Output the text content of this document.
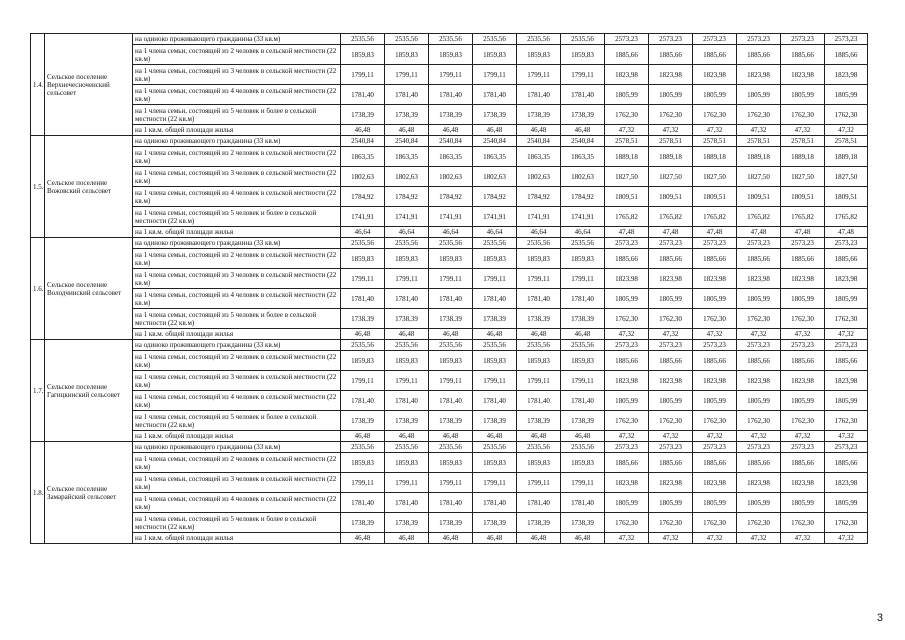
1.4.	Сельское поселение Верхнечесноченский сельсовет	на одиноко проживающего гражданина (33 кв.м)	2535,56	2535,56	2535,56	2535,56	2535,56	2535,56	2573,23	2573,23	2573,23	2573,23	2573,23	2573,23
		на 1 члена семьи, состоящей из 2 человек в сельской местности (22 кв.м)	1859,83	1859,83	1859,83	1859,83	1859,83	1859,83	1885,66	1885,66	1885,66	1885,66	1885,66	1885,66
		на 1 члена семьи, состоящей из 3 человек в сельской местности (22 кв.м)	1799,11	1799,11	1799,11	1799,11	1799,11	1799,11	1823,98	1823,98	1823,98	1823,98	1823,98	1823,98
		на 1 члена семьи, состоящей из 4 человек в сельской местности (22 кв.м)	1781,40	1781,40	1781,40	1781,40	1781,40	1781,40	1805,99	1805,99	1805,99	1805,99	1805,99	1805,99
		на 1 члена семьи, состоящей из 5 человек и более в сельской местности (22 кв.м)	1738,39	1738,39	1738,39	1738,39	1738,39	1738,39	1762,30	1762,30	1762,30	1762,30	1762,30	1762,30
		на 1 кв.м. общей площади жилья	46,48	46,48	46,48	46,48	46,48	46,48	47,32	47,32	47,32	47,32	47,32	47,32
1.5.	Сельское поселение Вожовский сельсовет	на одиноко проживающего гражданина (33 кв.м)	2540,84	2540,84	2540,84	2540,84	2540,84	2540,84	2578,51	2578,51	2578,51	2578,51	2578,51	2578,51
		на 1 члена семьи, состоящей из 2 человек в сельской местности (22 кв.м)	1863,35	1863,35	1863,35	1863,35	1863,35	1863,35	1889,18	1889,18	1889,18	1889,18	1889,18	1889,18
		на 1 члена семьи, состоящей из 3 человек в сельской местности (22 кв.м)	1802,63	1802,63	1802,63	1802,63	1802,63	1802,63	1827,50	1827,50	1827,50	1827,50	1827,50	1827,50
		на 1 члена семьи, состоящей из 4 человек в сельской местности (22 кв.м)	1784,92	1784,92	1784,92	1784,92	1784,92	1784,92	1809,51	1809,51	1809,51	1809,51	1809,51	1809,51
		на 1 члена семьи, состоящей из 5 человек и более в сельской местности (22 кв.м)	1741,91	1741,91	1741,91	1741,91	1741,91	1741,91	1765,82	1765,82	1765,82	1765,82	1765,82	1765,82
		на 1 кв.м. общей площади жилья	46,64	46,64	46,64	46,64	46,64	46,64	47,48	47,48	47,48	47,48	47,48	47,48
1.6.	Сельское поселение Володчинский сельсовет	на одиноко проживающего гражданина (33 кв.м)	2535,56	2535,56	2535,56	2535,56	2535,56	2535,56	2573,23	2573,23	2573,23	2573,23	2573,23	2573,23
		на 1 члена семьи, состоящей из 2 человек в сельской местности (22 кв.м)	1859,83	1859,83	1859,83	1859,83	1859,83	1859,83	1885,66	1885,66	1885,66	1885,66	1885,66	1885,66
		на 1 члена семьи, состоящей из 3 человек в сельской местности (22 кв.м)	1799,11	1799,11	1799,11	1799,11	1799,11	1799,11	1823,98	1823,98	1823,98	1823,98	1823,98	1823,98
		на 1 члена семьи, состоящей из 4 человек в сельской местности (22 кв.м)	1781,40	1781,40	1781,40	1781,40	1781,40	1781,40	1805,99	1805,99	1805,99	1805,99	1805,99	1805,99
		на 1 члена семьи, состоящей из 5 человек и более в сельской местности (22 кв.м)	1738,39	1738,39	1738,39	1738,39	1738,39	1738,39	1762,30	1762,30	1762,30	1762,30	1762,30	1762,30
		на 1 кв.м. общей площади жилья	46,48	46,48	46,48	46,48	46,48	46,48	47,32	47,32	47,32	47,32	47,32	47,32
1.7.	Сельское поселение Гагицкинский сельсовет	на одиноко проживающего гражданина (33 кв.м)	2535,56	2535,56	2535,56	2535,56	2535,56	2535,56	2573,23	2573,23	2573,23	2573,23	2573,23	2573,23
		на 1 члена семьи, состоящей из 2 человек в сельской местности (22 кв.м)	1859,83	1859,83	1859,83	1859,83	1859,83	1859,83	1885,66	1885,66	1885,66	1885,66	1885,66	1885,66
		на 1 члена семьи, состоящей из 3 человек в сельской местности (22 кв.м)	1799,11	1799,11	1799,11	1799,11	1799,11	1799,11	1823,98	1823,98	1823,98	1823,98	1823,98	1823,98
		на 1 члена семьи, состоящей из 4 человек в сельской местности (22 кв.м)	1781,40	1781,40	1781,40	1781,40	1781,40	1781,40	1805,99	1805,99	1805,99	1805,99	1805,99	1805,99
		на 1 члена семьи, состоящей из 5 человек и более в сельской местности (22 кв.м)	1738,39	1738,39	1738,39	1738,39	1738,39	1738,39	1762,30	1762,30	1762,30	1762,30	1762,30	1762,30
		на 1 кв.м. общей площади жилья	46,48	46,48	46,48	46,48	46,48	46,48	47,32	47,32	47,32	47,32	47,32	47,32
1.8.	Сельское поселение Замарайский сельсовет	на одиноко проживающего гражданина (33 кв.м)	2535,56	2535,56	2535,56	2535,56	2535,56	2535,56	2573,23	2573,23	2573,23	2573,23	2573,23	2573,23
		на 1 члена семьи, состоящей из 2 человек в сельской местности (22 кв.м)	1859,83	1859,83	1859,83	1859,83	1859,83	1859,83	1885,66	1885,66	1885,66	1885,66	1885,66	1885,66
		на 1 члена семьи, состоящей из 3 человек в сельской местности (22 кв.м)	1799,11	1799,11	1799,11	1799,11	1799,11	1799,11	1823,98	1823,98	1823,98	1823,98	1823,98	1823,98
		на 1 члена семьи, состоящей из 4 человек в сельской местности (22 кв.м)	1781,40	1781,40	1781,40	1781,40	1781,40	1781,40	1805,99	1805,99	1805,99	1805,99	1805,99	1805,99
		на 1 члена семьи, состоящей из 5 человек и более в сельской местности (22 кв.м)	1738,39	1738,39	1738,39	1738,39	1738,39	1738,39	1762,30	1762,30	1762,30	1762,30	1762,30	1762,30
		на 1 кв.м. общей площади жилья	46,48	46,48	46,48	46,48	46,48	46,48	47,32	47,32	47,32	47,32	47,32	47,32
3
